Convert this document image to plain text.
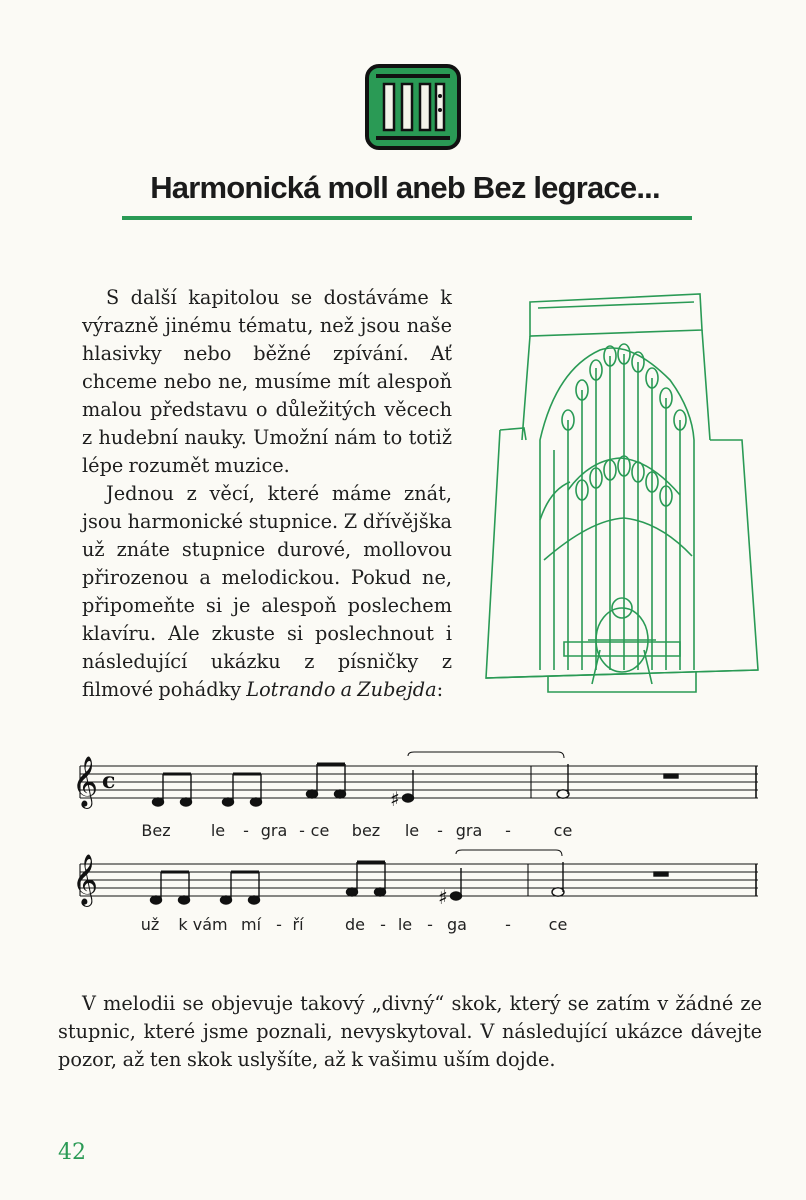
Harmonická moll aneb Bez legrace...

S další kapitolou se dostáváme k výrazně jinému tématu, než jsou naše hlasivky nebo běžné zpívání. Ať chceme nebo ne, musíme mít alespoň malou představu o důležitých věcech z hudební nauky. Umožní nám to totiž lépe rozumět muzice.

Jednou z věcí, které máme znát, jsou harmonické stupnice. Z dřívějška už znáte stupnice durové, mollovou přirozenou a melodickou. Pokud ne, připomeňte si je alespoň poslechem klavíru. Ale zkuste si poslechnout i následující ukázku z písničky z filmové pohádky Lotrando a Zubejda:

𝄞 c
♯
Bez	le - gra - ce bez le - gra -	ce
𝄞	♯
už k vám mí - ří	de - le - ga - ce

V melodii se objevuje takový „divný“ skok, který se zatím v žádné ze stupnic, které jsme poznali, nevyskytoval. V následující ukázce dávejte pozor, až ten skok uslyšíte, až k vašimu uším dojde.

42
